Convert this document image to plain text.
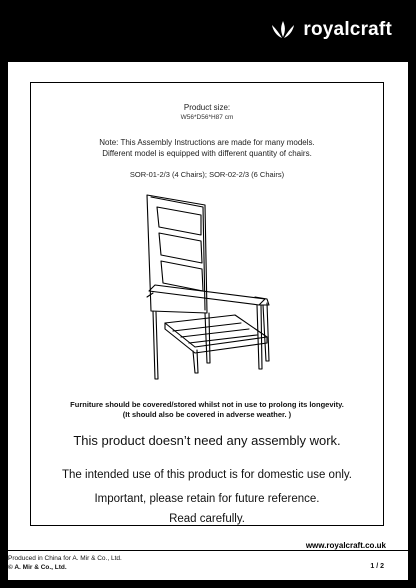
royalcraft
Product size:
W56*D56*H87 cm
Note: This Assembly Instructions are made for many models.
Different model is equipped with different quantity of chairs.
SOR-01-2/3 (4 Chairs); SOR-02-2/3 (6 Chairs)
Furniture should be covered/stored whilst not in use to prolong its longevity.
(It should also be covered in adverse weather. )
This product doesn’t need any assembly work.
The intended use of this product is for domestic use only.
Important, please retain for future reference.
Read carefully.
www.royalcraft.co.uk
Produced in China for A. Mir & Co., Ltd.
© A. Mir & Co., Ltd.	1 / 2
